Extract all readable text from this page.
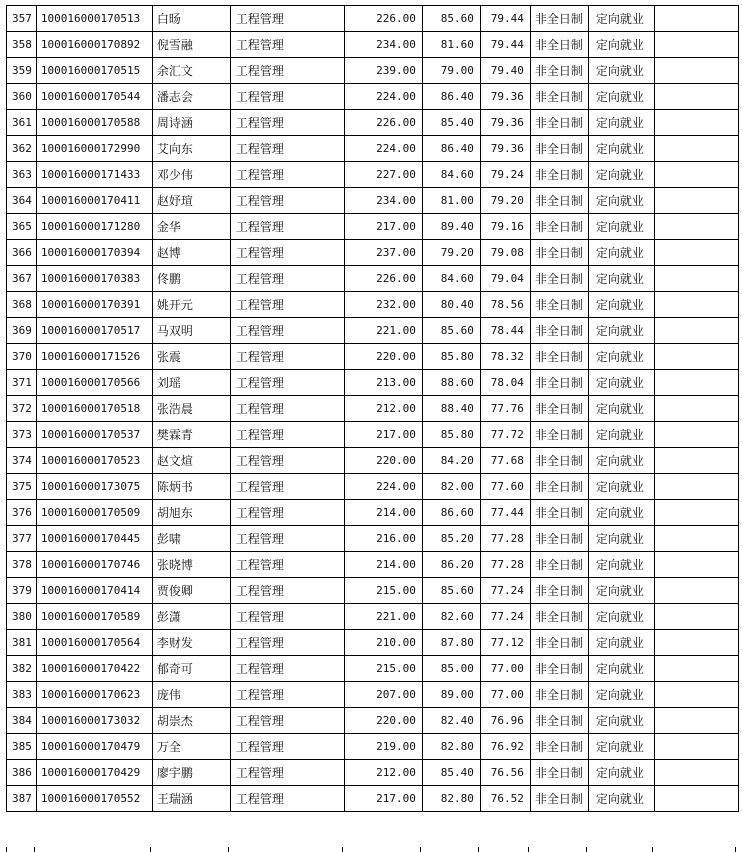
357	100016000170513	白旸	工程管理	226.00	85.60	79.44	非全日制	定向就业	
358	100016000170892	倪雪融	工程管理	234.00	81.60	79.44	非全日制	定向就业	
359	100016000170515	余汇文	工程管理	239.00	79.00	79.40	非全日制	定向就业	
360	100016000170544	潘志会	工程管理	224.00	86.40	79.36	非全日制	定向就业	
361	100016000170588	周诗涵	工程管理	226.00	85.40	79.36	非全日制	定向就业	
362	100016000172990	艾向东	工程管理	224.00	86.40	79.36	非全日制	定向就业	
363	100016000171433	邓少伟	工程管理	227.00	84.60	79.24	非全日制	定向就业	
364	100016000170411	赵妤瑄	工程管理	234.00	81.00	79.20	非全日制	定向就业	
365	100016000171280	金华	工程管理	217.00	89.40	79.16	非全日制	定向就业	
366	100016000170394	赵博	工程管理	237.00	79.20	79.08	非全日制	定向就业	
367	100016000170383	佟鹏	工程管理	226.00	84.60	79.04	非全日制	定向就业	
368	100016000170391	姚开元	工程管理	232.00	80.40	78.56	非全日制	定向就业	
369	100016000170517	马双明	工程管理	221.00	85.60	78.44	非全日制	定向就业	
370	100016000171526	张震	工程管理	220.00	85.80	78.32	非全日制	定向就业	
371	100016000170566	刘瑶	工程管理	213.00	88.60	78.04	非全日制	定向就业	
372	100016000170518	张浩晨	工程管理	212.00	88.40	77.76	非全日制	定向就业	
373	100016000170537	樊霖青	工程管理	217.00	85.80	77.72	非全日制	定向就业	
374	100016000170523	赵文煊	工程管理	220.00	84.20	77.68	非全日制	定向就业	
375	100016000173075	陈炳书	工程管理	224.00	82.00	77.60	非全日制	定向就业	
376	100016000170509	胡旭东	工程管理	214.00	86.60	77.44	非全日制	定向就业	
377	100016000170445	彭啸	工程管理	216.00	85.20	77.28	非全日制	定向就业	
378	100016000170746	张晓博	工程管理	214.00	86.20	77.28	非全日制	定向就业	
379	100016000170414	贾俊卿	工程管理	215.00	85.60	77.24	非全日制	定向就业	
380	100016000170589	彭潇	工程管理	221.00	82.60	77.24	非全日制	定向就业	
381	100016000170564	李财发	工程管理	210.00	87.80	77.12	非全日制	定向就业	
382	100016000170422	郁奇可	工程管理	215.00	85.00	77.00	非全日制	定向就业	
383	100016000170623	庞伟	工程管理	207.00	89.00	77.00	非全日制	定向就业	
384	100016000173032	胡崇杰	工程管理	220.00	82.40	76.96	非全日制	定向就业	
385	100016000170479	万全	工程管理	219.00	82.80	76.92	非全日制	定向就业	
386	100016000170429	廖宇鹏	工程管理	212.00	85.40	76.56	非全日制	定向就业	
387	100016000170552	王瑞涵	工程管理	217.00	82.80	76.52	非全日制	定向就业	
